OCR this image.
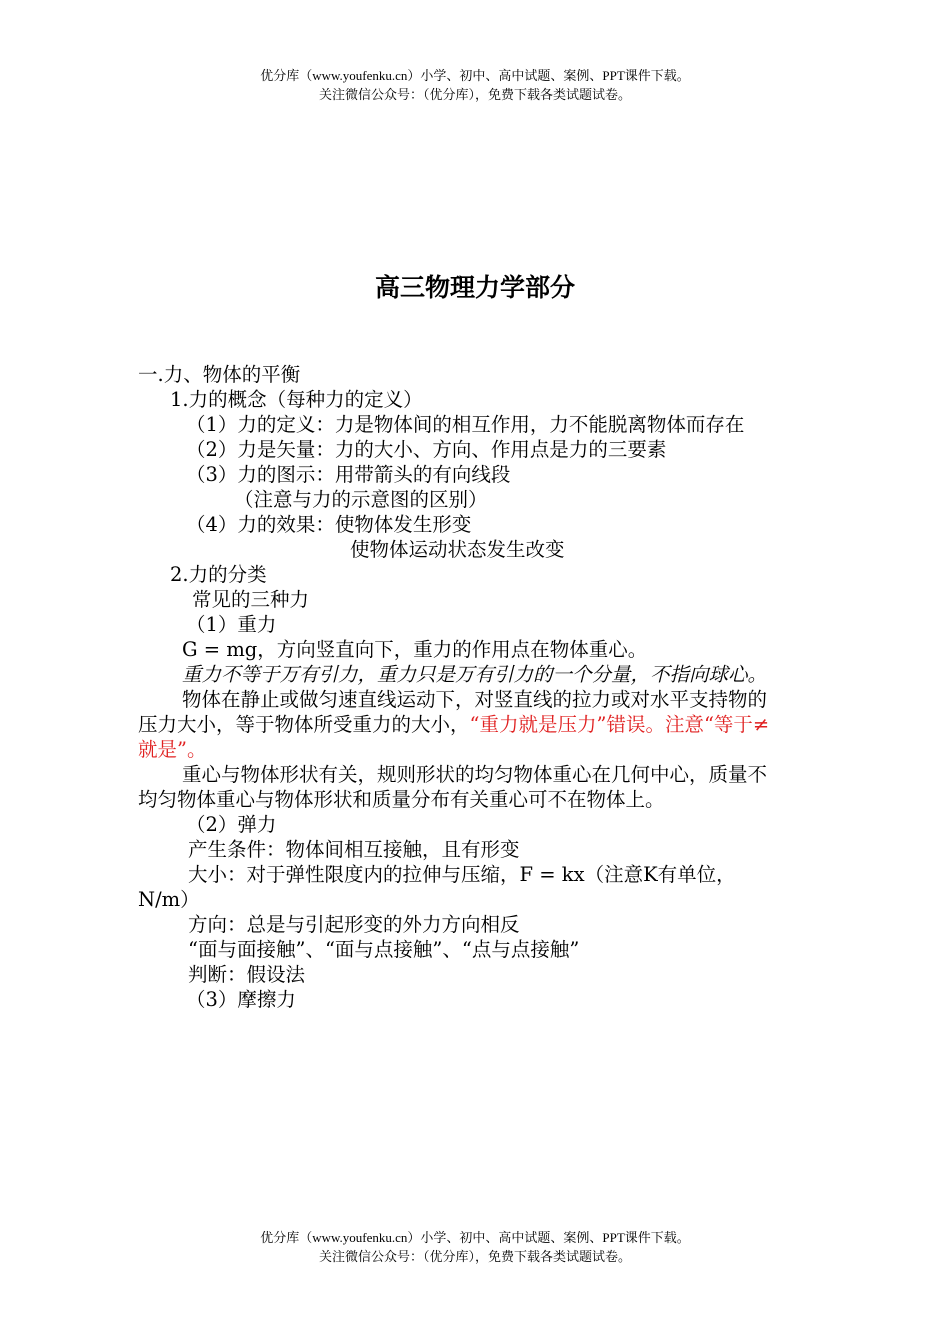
优分库（www.youfenku.cn）小学、初中、高中试题、案例、PPT课件下载。
关注微信公众号：（优分库），免费下载各类试题试卷。
高三物理力学部分

一.力、物体的平衡

1.力的概念（每种力的定义）

（1）力的定义：力是物体间的相互作用，力不能脱离物体而存在

（2）力是矢量：力的大小、方向、作用点是力的三要素

（3）力的图示：用带箭头的有向线段

（注意与力的示意图的区别）

（4）力的效果：使物体发生形变

使物体运动状态发生改变

2.力的分类

常见的三种力

（1）重力

G = mg，方向竖直向下，重力的作用点在物体重心。

重力不等于万有引力，重力只是万有引力的一个分量，不指向球心。

物体在静止或做匀速直线运动下，对竖直线的拉力或对水平支持物的压力大小，等于物体所受重力的大小，“重力就是压力”错误。注意“等于≠就是”。

重心与物体形状有关，规则形状的均匀物体重心在几何中心，质量不均匀物体重心与物体形状和质量分布有关重心可不在物体上。

（2）弹力

产生条件：物体间相互接触，且有形变

大小：对于弹性限度内的拉伸与压缩，F = kx（注意K有单位，N/m）

方向：总是与引起形变的外力方向相反

“面与面接触”、“面与点接触”、“点与点接触”

判断：假设法

（3）摩擦力

优分库（www.youfenku.cn）小学、初中、高中试题、案例、PPT课件下载。
关注微信公众号：（优分库），免费下载各类试题试卷。
